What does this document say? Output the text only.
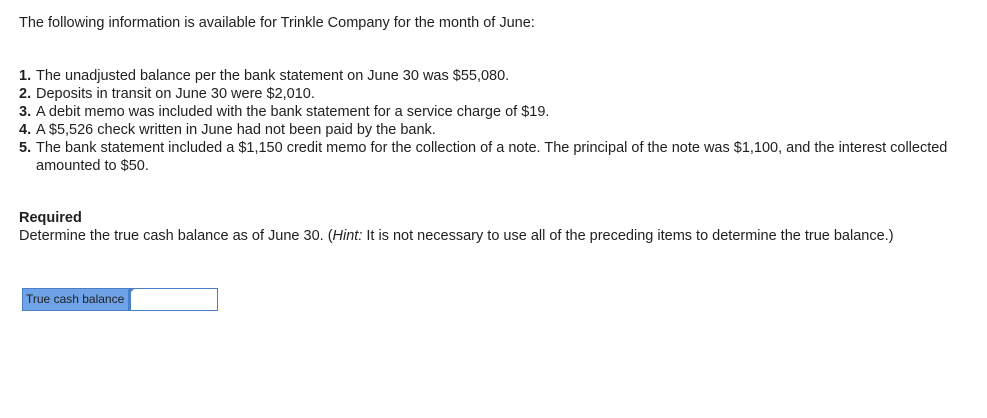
The following information is available for Trinkle Company for the month of June:

1. The unadjusted balance per the bank statement on June 30 was $55,080.
2. Deposits in transit on June 30 were $2,010.
3. A debit memo was included with the bank statement for a service charge of $19.
4. A $5,526 check written in June had not been paid by the bank.
5. The bank statement included a $1,150 credit memo for the collection of a note. The principal of the note was $1,100, and the interest collected amounted to $50.

Required

Determine the true cash balance as of June 30. (Hint: It is not necessary to use all of the preceding items to determine the true balance.)

True cash balance
